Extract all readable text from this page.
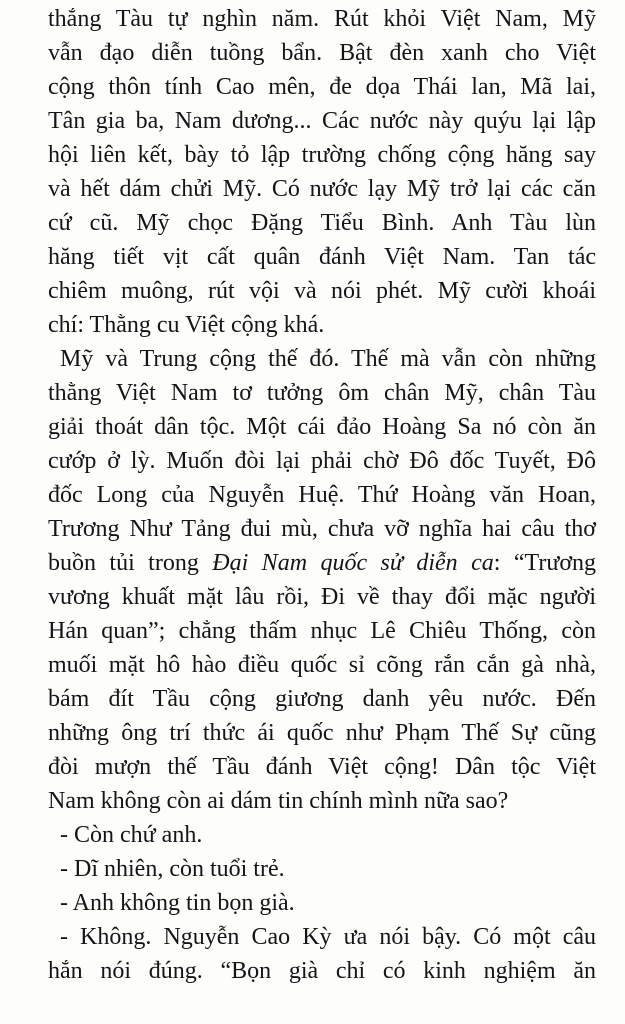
thắng Tàu tự nghìn năm. Rút khỏi Việt Nam, Mỹ
vẫn đạo diễn tuồng bẩn. Bật đèn xanh cho Việt
cộng thôn tính Cao mên, đe dọa Thái lan, Mã lai,
Tân gia ba, Nam dương... Các nước này quýu lại lập
hội liên kết, bày tỏ lập trường chống cộng hăng say
và hết dám chửi Mỹ. Có nước lạy Mỹ trở lại các căn
cứ cũ. Mỹ chọc Đặng Tiểu Bình. Anh Tàu lùn
hăng tiết vịt cất quân đánh Việt Nam. Tan tác
chiêm muông, rút vội và nói phét. Mỹ cười khoái
chí: Thằng cu Việt cộng khá.
Mỹ và Trung cộng thế đó. Thế mà vẫn còn những
thằng Việt Nam tơ tưởng ôm chân Mỹ, chân Tàu
giải thoát dân tộc. Một cái đảo Hoàng Sa nó còn ăn
cướp ở lỳ. Muốn đòi lại phải chờ Đô đốc Tuyết, Đô
đốc Long của Nguyễn Huệ. Thứ Hoàng văn Hoan,
Trương Như Tảng đui mù, chưa vỡ nghĩa hai câu thơ
buồn tủi trong Đại Nam quốc sử diễn ca: “Trương
vương khuất mặt lâu rồi, Đi về thay đổi mặc người
Hán quan”; chẳng thấm nhục Lê Chiêu Thống, còn
muối mặt hô hào điều quốc sỉ cõng rắn cắn gà nhà,
bám đít Tầu cộng giương danh yêu nước. Đến
những ông trí thức ái quốc như Phạm Thế Sự cũng
đòi mượn thế Tầu đánh Việt cộng! Dân tộc Việt
Nam không còn ai dám tin chính mình nữa sao?
- Còn chứ anh.
- Dĩ nhiên, còn tuổi trẻ.
- Anh không tin bọn già.
- Không. Nguyễn Cao Kỳ ưa nói bậy. Có một câu
hắn nói đúng. “Bọn già chỉ có kinh nghiệm ăn
